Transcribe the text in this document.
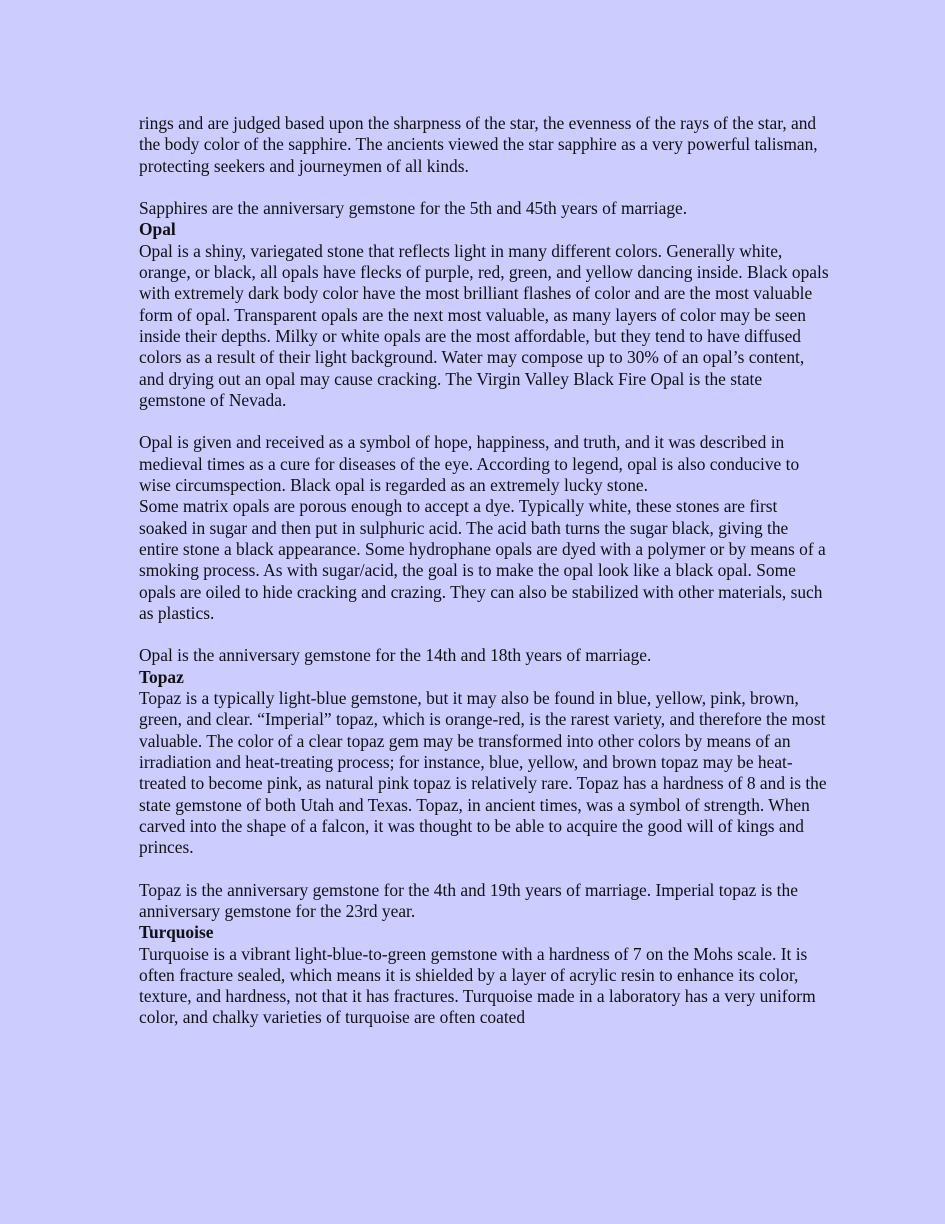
rings and are judged based upon the sharpness of the star, the evenness of the rays of the star, and the body color of the sapphire. The ancients viewed the star sapphire as a very powerful talisman, protecting seekers and journeymen of all kinds.

Sapphires are the anniversary gemstone for the 5th and 45th years of marriage.

Opal

Opal is a shiny, variegated stone that reflects light in many different colors. Generally white, orange, or black, all opals have flecks of purple, red, green, and yellow dancing inside. Black opals with extremely dark body color have the most brilliant flashes of color and are the most valuable form of opal. Transparent opals are the next most valuable, as many layers of color may be seen inside their depths. Milky or white opals are the most affordable, but they tend to have diffused colors as a result of their light background. Water may compose up to 30% of an opal’s content, and drying out an opal may cause cracking. The Virgin Valley Black Fire Opal is the state gemstone of Nevada.

Opal is given and received as a symbol of hope, happiness, and truth, and it was described in medieval times as a cure for diseases of the eye. According to legend, opal is also conducive to wise circumspection. Black opal is regarded as an extremely lucky stone.

Some matrix opals are porous enough to accept a dye. Typically white, these stones are first soaked in sugar and then put in sulphuric acid. The acid bath turns the sugar black, giving the entire stone a black appearance. Some hydrophane opals are dyed with a polymer or by means of a smoking process. As with sugar/acid, the goal is to make the opal look like a black opal. Some opals are oiled to hide cracking and crazing. They can also be stabilized with other materials, such as plastics.

Opal is the anniversary gemstone for the 14th and 18th years of marriage.

Topaz

Topaz is a typically light-blue gemstone, but it may also be found in blue, yellow, pink, brown, green, and clear. “Imperial” topaz, which is orange-red, is the rarest variety, and therefore the most valuable. The color of a clear topaz gem may be transformed into other colors by means of an irradiation and heat-treating process; for instance, blue, yellow, and brown topaz may be heat-treated to become pink, as natural pink topaz is relatively rare. Topaz has a hardness of 8 and is the state gemstone of both Utah and Texas. Topaz, in ancient times, was a symbol of strength. When carved into the shape of a falcon, it was thought to be able to acquire the good will of kings and princes.

Topaz is the anniversary gemstone for the 4th and 19th years of marriage. Imperial topaz is the anniversary gemstone for the 23rd year.

Turquoise

Turquoise is a vibrant light-blue-to-green gemstone with a hardness of 7 on the Mohs scale. It is often fracture sealed, which means it is shielded by a layer of acrylic resin to enhance its color, texture, and hardness, not that it has fractures. Turquoise made in a laboratory has a very uniform color, and chalky varieties of turquoise are often coated
